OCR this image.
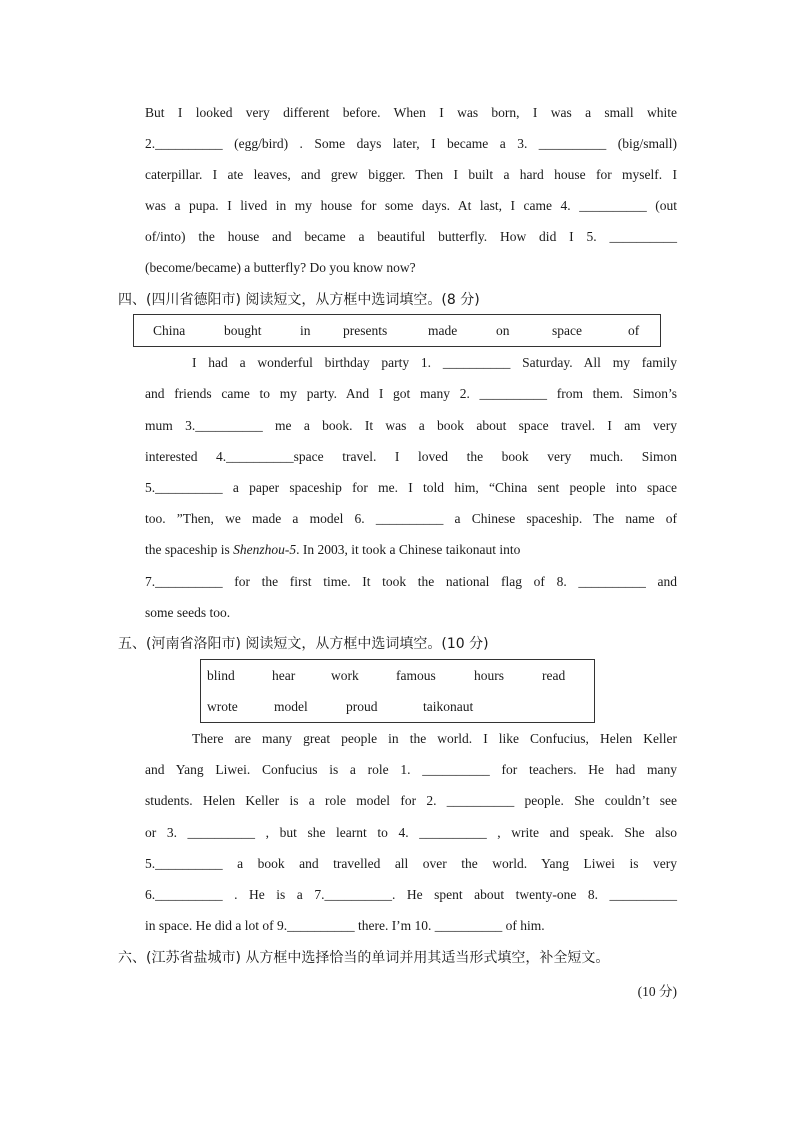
But I looked very different before. When I was born, I was a small white
2.__________ (egg/bird) . Some days later, I became a 3. __________ (big/small)
caterpillar. I ate leaves, and grew bigger. Then I built a hard house for myself. I
was a pupa. I lived in my house for some days. At last, I came 4. __________ (out
of/into) the house and became a beautiful butterfly. How did I 5. __________
(become/became) a butterfly? Do you know now?
四、(四川省德阳市) 阅读短文，从方框中选词填空。(8 分)
China	bought	in presents	made	on	space	of
I had a wonderful birthday party 1. __________ Saturday. All my family
and friends came to my party. And I got many 2. __________ from them. Simon’s
mum 3.__________ me a book. It was a book about space travel. I am very
interested 4.__________space travel. I loved the book very much. Simon
5.__________ a paper spaceship for me. I told him, “China sent people into space
too. ”Then, we made a model 6. __________ a Chinese spaceship. The name of
the spaceship is Shenzhou-5. In 2003, it took a Chinese taikonaut into
7.__________ for the first time. It took the national flag of 8. __________ and
some seeds too.
五、(河南省洛阳市) 阅读短文，从方框中选词填空。(10 分)
blind	hear	work	famous	hours	read
wrote	model	proud	taikonaut
There are many great people in the world. I like Confucius, Helen Keller
and Yang Liwei. Confucius is a role 1. __________ for teachers. He had many
students. Helen Keller is a role model for 2. __________ people. She couldn’t see
or 3. __________ , but she learnt to 4. __________ , write and speak. She also
5.__________ a book and travelled all over the world. Yang Liwei is very
6.__________ . He is a 7.__________. He spent about twenty-one 8. __________
in space. He did a lot of 9.__________ there. I’m 10. __________ of him.
六、(江苏省盐城市) 从方框中选择恰当的单词并用其适当形式填空，补全短文。
(10 分)
